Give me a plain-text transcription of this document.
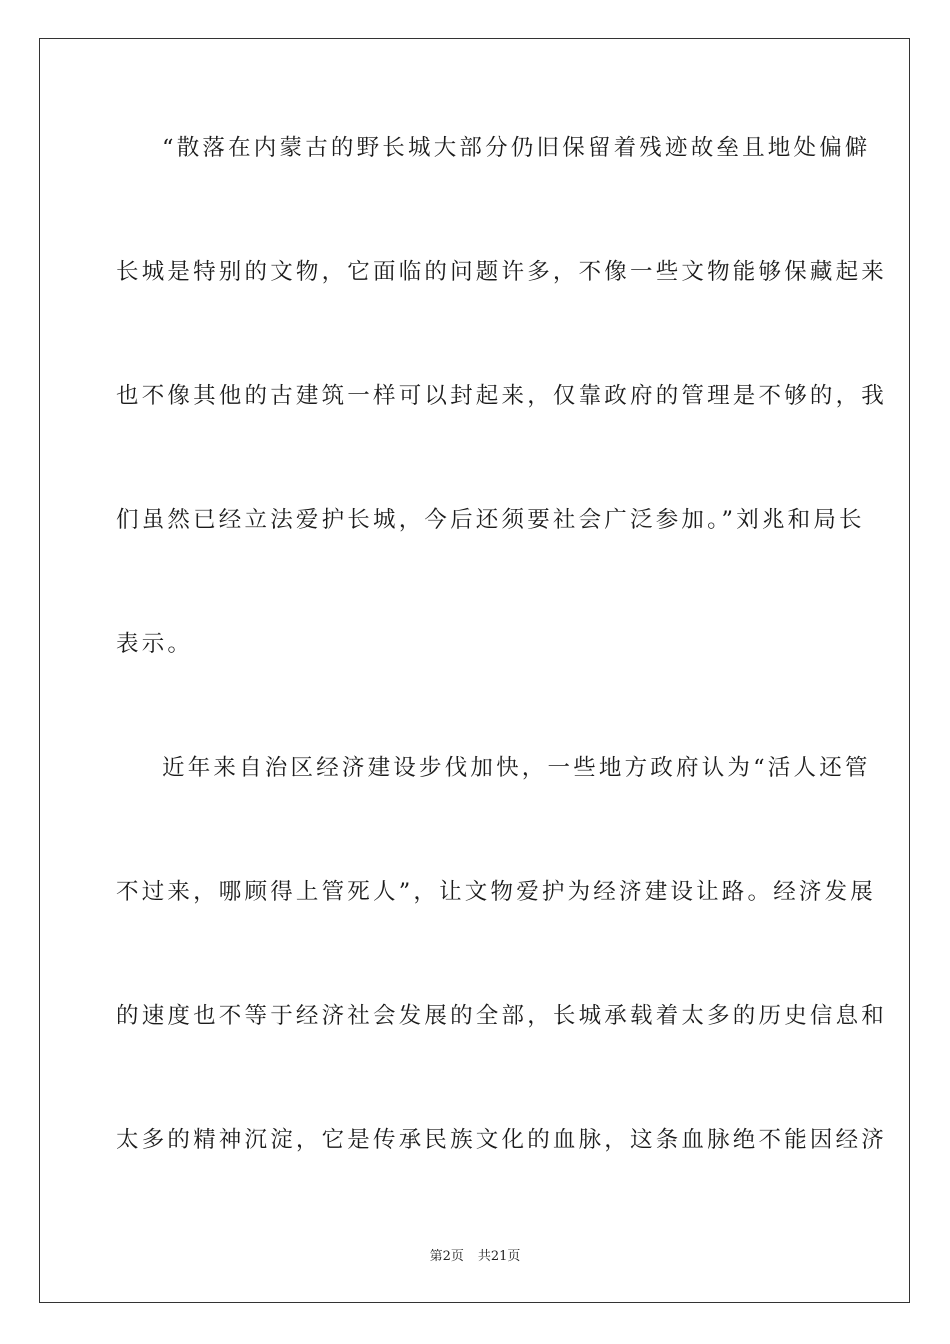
“散落在内蒙古的野长城大部分仍旧保留着残迹故垒且地处偏僻
长城是特别的文物，它面临的问题许多，不像一些文物能够保藏起来
也不像其他的古建筑一样可以封起来，仅靠政府的管理是不够的，我
们虽然已经立法爱护长城，今后还须要社会广泛参加。”刘兆和局长
表示。
近年来自治区经济建设步伐加快，一些地方政府认为“活人还管
不过来，哪顾得上管死人”，让文物爱护为经济建设让路。经济发展
的速度也不等于经济社会发展的全部，长城承载着太多的历史信息和
太多的精神沉淀，它是传承民族文化的血脉，这条血脉绝不能因经济
第2页 共21页
